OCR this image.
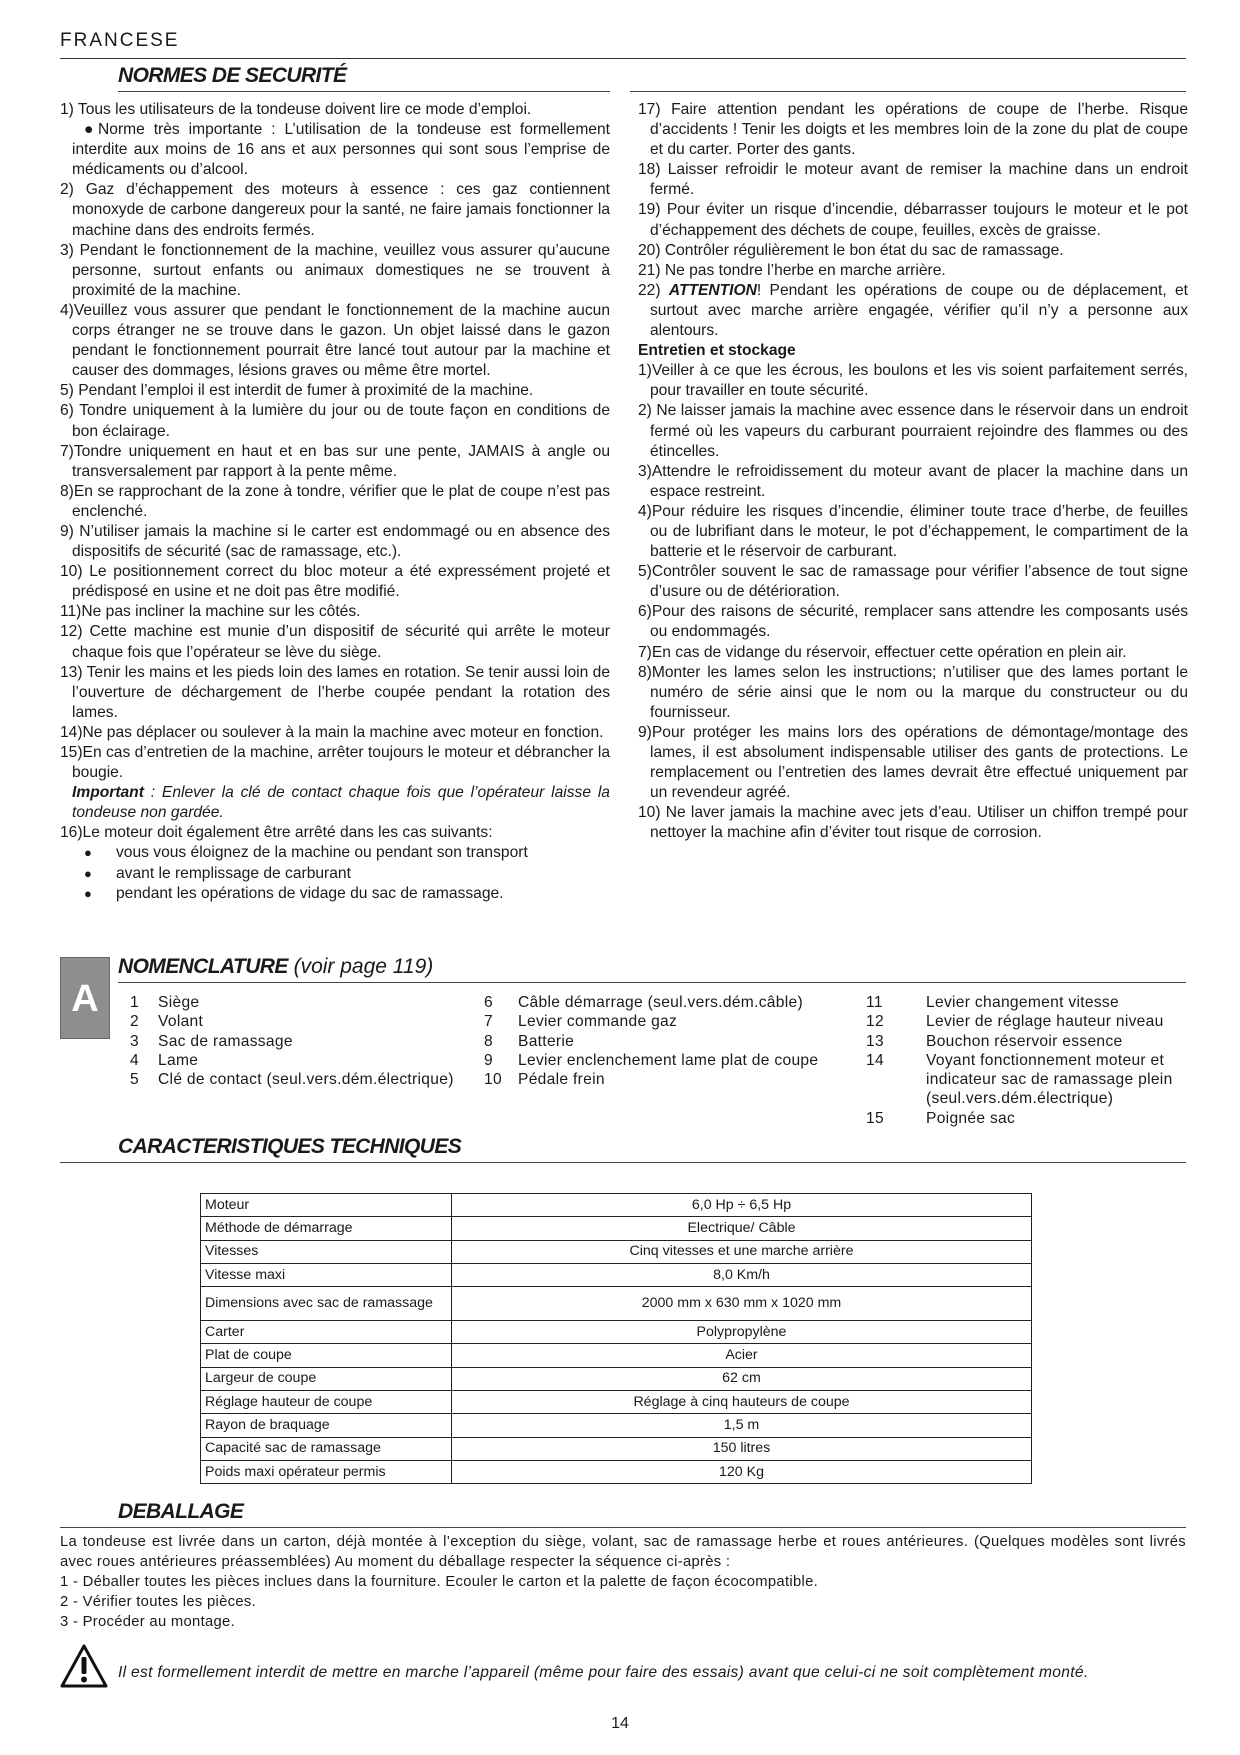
FRANCESE
NORMES DE SECURITÉ

1) Tous les utilisateurs de la tondeuse doivent lire ce mode d’emploi.

●Norme très importante : L’utilisation de la tondeuse est formellement interdite aux moins de 16 ans et aux personnes qui sont sous l’emprise de médicaments ou d’alcool.

2) Gaz d’échappement des moteurs à essence : ces gaz contiennent monoxyde de carbone dangereux pour la santé, ne faire jamais fonctionner la machine dans des endroits fermés.

3) Pendant le fonctionnement de la machine, veuillez vous assurer qu’aucune personne, surtout enfants ou animaux domestiques ne se trouvent à proximité de la machine.

4)Veuillez vous assurer que pendant le fonctionnement de la machine aucun corps étranger ne se trouve dans le gazon. Un objet laissé dans le gazon pendant le fonctionnement pourrait être lancé tout autour par la machine et causer des dommages, lésions graves ou même être mortel.

5) Pendant l’emploi il est interdit de fumer à proximité de la machine.

6) Tondre uniquement à la lumière du jour ou de toute façon en conditions de bon éclairage.

7)Tondre uniquement en haut et en bas sur une pente, JAMAIS à angle ou transversalement par rapport à la pente même.

8)En se rapprochant de la zone à tondre, vérifier que le plat de coupe n’est pas enclenché.

9) N’utiliser jamais la machine si le carter est endommagé ou en absence des dispositifs de sécurité (sac de ramassage, etc.).

10) Le positionnement correct du bloc moteur a été expressément projeté et prédisposé en usine et ne doit pas être modifié.

11)Ne pas incliner la machine sur les côtés.

12) Cette machine est munie d’un dispositif de sécurité qui arrête le moteur chaque fois que l’opérateur se lève du siège.

13) Tenir les mains et les pieds loin des lames en rotation. Se tenir aussi loin de l’ouverture de déchargement de l’herbe coupée pendant la rotation des lames.

14)Ne pas déplacer ou soulever à la main la machine avec moteur en fonction.

15)En cas d’entretien de la machine, arrêter toujours le moteur et débrancher la bougie.

Important : Enlever la clé de contact chaque fois que l’opérateur laisse la tondeuse non gardée.

16)Le moteur doit également être arrêté dans les cas suivants:

● vous vous éloignez de la machine ou pendant son transport

● avant le remplissage de carburant

● pendant les opérations de vidage du sac de ramassage.

17) Faire attention pendant les opérations de coupe de l’herbe. Risque d’accidents ! Tenir les doigts et les membres loin de la zone du plat de coupe et du carter. Porter des gants.

18) Laisser refroidir le moteur avant de remiser la machine dans un endroit fermé.

19) Pour éviter un risque d’incendie, débarrasser toujours le moteur et le pot d’échappement des déchets de coupe, feuilles, excès de graisse.

20) Contrôler régulièrement le bon état du sac de ramassage.

21) Ne pas tondre l’herbe en marche arrière.

22) ATTENTION! Pendant les opérations de coupe ou de déplacement, et surtout avec marche arrière engagée, vérifier qu’il n’y a personne aux alentours.

Entretien et stockage

1)Veiller à ce que les écrous, les boulons et les vis soient parfaitement serrés, pour travailler en toute sécurité.

2) Ne laisser jamais la machine avec essence dans le réservoir dans un endroit fermé où les vapeurs du carburant pourraient rejoindre des flammes ou des étincelles.

3)Attendre le refroidissement du moteur avant de placer la machine dans un espace restreint.

4)Pour réduire les risques d’incendie, éliminer toute trace d’herbe, de feuilles ou de lubrifiant dans le moteur, le pot d’échappement, le compartiment de la batterie et le réservoir de carburant.

5)Contrôler souvent le sac de ramassage pour vérifier l’absence de tout signe d’usure ou de détérioration.

6)Pour des raisons de sécurité, remplacer sans attendre les composants usés ou endommagés.

7)En cas de vidange du réservoir, effectuer cette opération en plein air.

8)Monter les lames selon les instructions; n’utiliser que des lames portant le numéro de série ainsi que le nom ou la marque du constructeur ou du fournisseur.

9)Pour protéger les mains lors des opérations de démontage/montage des lames, il est absolument indispensable utiliser des gants de protections. Le remplacement ou l’entretien des lames devrait être effectué uniquement par un revendeur agréé.

10) Ne laver jamais la machine avec jets d’eau. Utiliser un chiffon trempé pour nettoyer la machine afin d’éviter tout risque de corrosion.

A
NOMENCLATURE (voir page 119)
1	Siège
2	Volant
3	Sac de ramassage
4	Lame
5	Clé de contact (seul.vers.dém.électrique)
6	Câble démarrage (seul.vers.dém.câble)
7	Levier commande gaz
8	Batterie
9	Levier enclenchement lame plat de coupe
10	Pédale frein
11	Levier changement vitesse
12	Levier de réglage hauteur niveau
13	Bouchon réservoir essence
14	Voyant fonctionnement moteur et
indicateur sac de ramassage plein
(seul.vers.dém.électrique)
15	Poignée sac
CARACTERISTIQUES TECHNIQUES
Moteur	6,0 Hp ÷ 6,5 Hp
Méthode de démarrage	Electrique/ Câble
Vitesses	Cinq vitesses et une marche arrière
Vitesse maxi	8,0 Km/h
Dimensions avec sac de ramassage	2000 mm x 630 mm x 1020 mm
Carter	Polypropylène
Plat de coupe	Acier
Largeur de coupe	62 cm
Réglage hauteur de coupe	Réglage à cinq hauteurs de coupe
Rayon de braquage	1,5 m
Capacité sac de ramassage	150 litres
Poids maxi opérateur permis	120 Kg
DEBALLAGE

La tondeuse est livrée dans un carton, déjà montée à l’exception du siège, volant, sac de ramassage herbe et roues antérieures. (Quelques modèles sont livrés avec roues antérieures préassemblées) Au moment du déballage respecter la séquence ci-après :

1 - Déballer toutes les pièces inclues dans la fourniture. Ecouler le carton et la palette de façon écocompatible.

2 - Vérifier toutes les pièces.

3 - Procéder au montage.

Il est formellement interdit de mettre en marche l’appareil (même pour faire des essais) avant que celui-ci ne soit complètement monté.
14
